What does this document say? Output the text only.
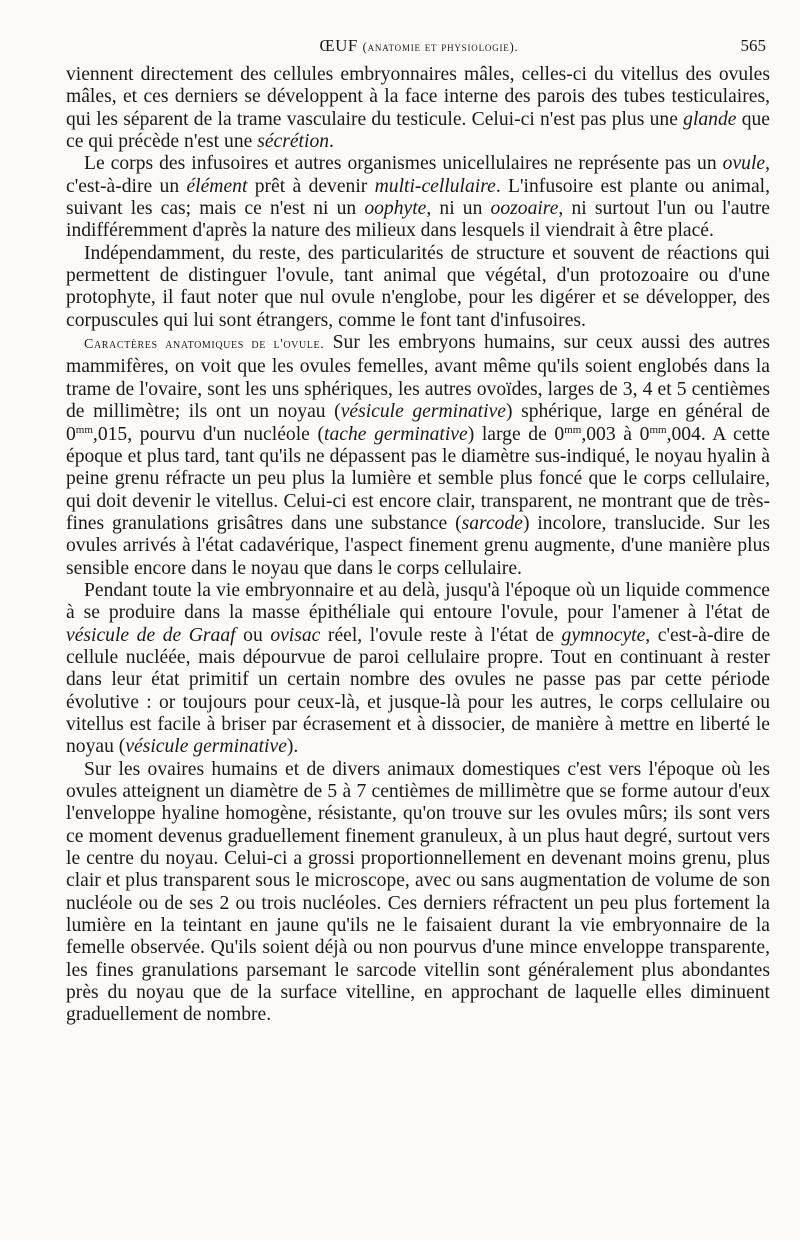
ŒUF (anatomie et physiologie).	565

viennent directement des cellules embryonnaires mâles, celles-ci du vitellus des ovules mâles, et ces derniers se développent à la face interne des parois des tubes testiculaires, qui les séparent de la trame vasculaire du testicule. Celui-ci n'est pas plus une glande que ce qui précède n'est une sécrétion.

Le corps des infusoires et autres organismes unicellulaires ne représente pas un ovule, c'est-à-dire un élément prêt à devenir multi-cellulaire. L'infusoire est plante ou animal, suivant les cas; mais ce n'est ni un oophyte, ni un oozoaire, ni surtout l'un ou l'autre indifféremment d'après la nature des milieux dans lesquels il viendrait à être placé.

Indépendamment, du reste, des particularités de structure et souvent de réactions qui permettent de distinguer l'ovule, tant animal que végétal, d'un protozoaire ou d'une protophyte, il faut noter que nul ovule n'englobe, pour les digérer et se développer, des corpuscules qui lui sont étrangers, comme le font tant d'infusoires.

Caractères anatomiques de l'ovule. Sur les embryons humains, sur ceux aussi des autres mammifères, on voit que les ovules femelles, avant même qu'ils soient englobés dans la trame de l'ovaire, sont les uns sphériques, les autres ovoïdes, larges de 3, 4 et 5 centièmes de millimètre; ils ont un noyau (vésicule germinative) sphérique, large en général de $0^{mm},015$, pourvu d'un nucléole (tache germinative) large de $0^{mm},003$ à $0^{mm},004$. A cette époque et plus tard, tant qu'ils ne dépassent pas le diamètre sus-indiqué, le noyau hyalin à peine grenu réfracte un peu plus la lumière et semble plus foncé que le corps cellulaire, qui doit devenir le vitellus. Celui-ci est encore clair, transparent, ne montrant que de très-fines granulations grisâtres dans une substance (sarcode) incolore, translucide. Sur les ovules arrivés à l'état cadavérique, l'aspect finement grenu augmente, d'une manière plus sensible encore dans le noyau que dans le corps cellulaire.

Pendant toute la vie embryonnaire et au delà, jusqu'à l'époque où un liquide commence à se produire dans la masse épithéliale qui entoure l'ovule, pour l'amener à l'état de vésicule de de Graaf ou ovisac réel, l'ovule reste à l'état de gymnocyte, c'est-à-dire de cellule nucléée, mais dépourvue de paroi cellulaire propre. Tout en continuant à rester dans leur état primitif un certain nombre des ovules ne passe pas par cette période évolutive : or toujours pour ceux-là, et jusque-là pour les autres, le corps cellulaire ou vitellus est facile à briser par écrasement et à dissocier, de manière à mettre en liberté le noyau (vésicule germinative).

Sur les ovaires humains et de divers animaux domestiques c'est vers l'époque où les ovules atteignent un diamètre de 5 à 7 centièmes de millimètre que se forme autour d'eux l'enveloppe hyaline homogène, résistante, qu'on trouve sur les ovules mûrs; ils sont vers ce moment devenus graduellement finement granuleux, à un plus haut degré, surtout vers le centre du noyau. Celui-ci a grossi proportionnellement en devenant moins grenu, plus clair et plus transparent sous le microscope, avec ou sans augmentation de volume de son nucléole ou de ses 2 ou trois nucléoles. Ces derniers réfractent un peu plus fortement la lumière en la teintant en jaune qu'ils ne le faisaient durant la vie embryonnaire de la femelle observée. Qu'ils soient déjà ou non pourvus d'une mince enveloppe transparente, les fines granulations parsemant le sarcode vitellin sont généralement plus abondantes près du noyau que de la surface vitelline, en approchant de laquelle elles diminuent graduellement de nombre.
